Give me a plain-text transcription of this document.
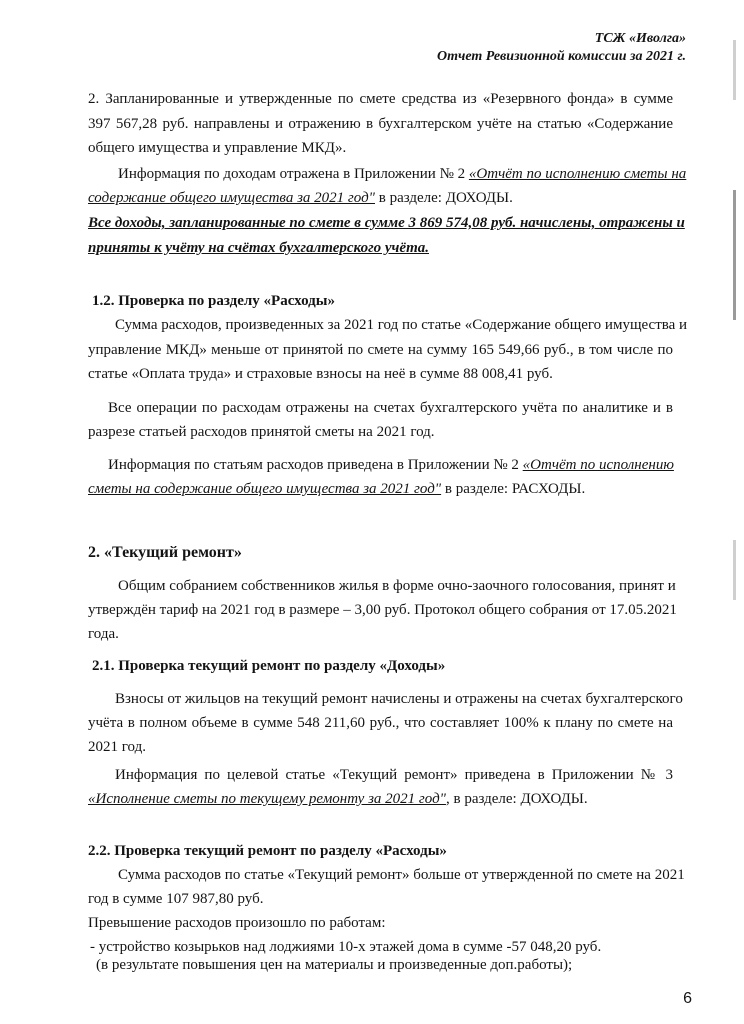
ТСЖ «Иволга»
Отчет Ревизионной комиссии за 2021 г.
2. Запланированные и утвержденные по смете средства из «Резервного фонда» в сумме
397 567,28 руб. направлены и отражению в бухгалтерском учёте на статью «Содержание
общего имущества и управление МКД».
Информация по доходам отражена в Приложении № 2 «Отчёт по исполнению сметы на
содержание общего имущества за 2021 год" в разделе: ДОХОДЫ.
Все доходы, запланированные по смете в сумме 3 869 574,08 руб. начислены, отражены и
приняты к учёту на счётах бухгалтерского учёта.
1.2. Проверка по разделу «Расходы»
Сумма расходов, произведенных за 2021 год по статье «Содержание общего имущества и
управление МКД» меньше от принятой по смете на сумму 165 549,66 руб., в том числе по
статье «Оплата труда» и страховые взносы на неё в сумме 88 008,41 руб.
Все операции по расходам отражены на счетах бухгалтерского учёта по аналитике и в
разрезе статьей расходов принятой сметы на 2021 год.
Информация по статьям расходов приведена в Приложении № 2 «Отчёт по исполнению
сметы на содержание общего имущества за 2021 год" в разделе: РАСХОДЫ.
2. «Текущий ремонт»
Общим собранием собственников жилья в форме очно-заочного голосования, принят и
утверждён тариф на 2021 год в размере – 3,00 руб. Протокол общего собрания от 17.05.2021
года.
2.1. Проверка текущий ремонт по разделу «Доходы»
Взносы от жильцов на текущий ремонт начислены и отражены на счетах бухгалтерского
учёта в полном объеме в сумме 548 211,60 руб., что составляет 100% к плану по смете на
2021 год.
Информация по целевой статье «Текущий ремонт» приведена в Приложении № 3
«Исполнение сметы по текущему ремонту за 2021 год", в разделе: ДОХОДЫ.
2.2. Проверка текущий ремонт по разделу «Расходы»
Сумма расходов по статье «Текущий ремонт» больше от утвержденной по смете на 2021
год в сумме 107 987,80 руб.
Превышение расходов произошло по работам:
- устройство козырьков над лоджиями 10-х этажей дома в сумме -57 048,20 руб.
(в результате повышения цен на материалы и произведенные доп.работы);
6
